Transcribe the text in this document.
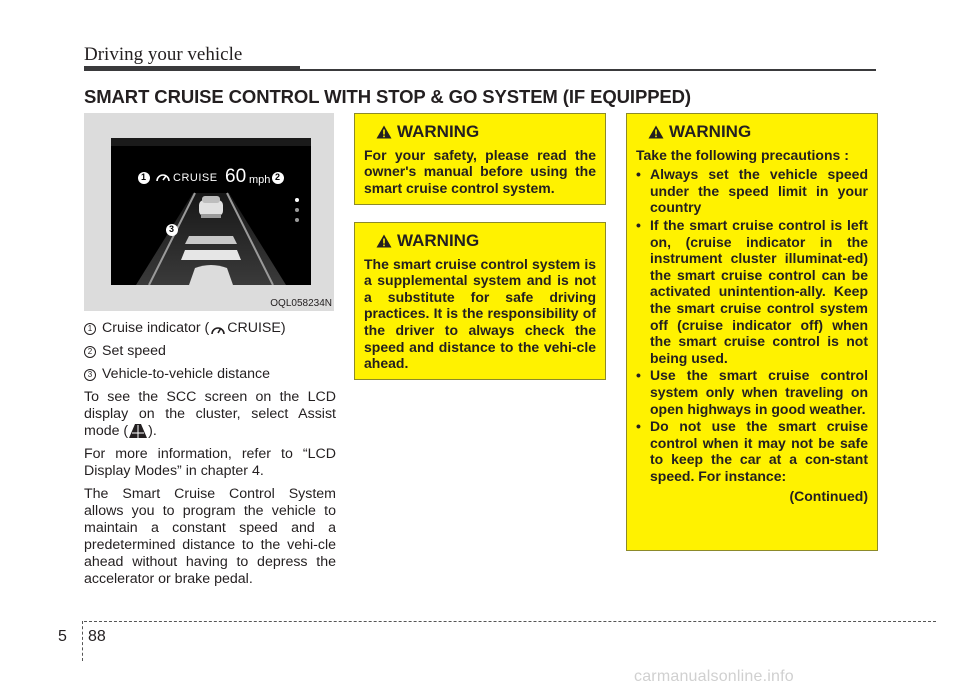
Driving your vehicle
SMART CRUISE CONTROL WITH STOP & GO SYSTEM (IF EQUIPPED)
1 CRUISE 60 mph 2
3
OQL058234N
1 Cruise indicator ( CRUISE)
2 Set speed
3 Vehicle-to-vehicle distance

To see the SCC screen on the LCD display on the cluster, select Assist mode ( ).

For more information, refer to “LCD Display Modes” in chapter 4.

The Smart Cruise Control System allows you to program the vehicle to maintain a constant speed and a predetermined distance to the vehi-cle ahead without having to depress the accelerator or brake pedal.

WARNING
For your safety, please read the owner's manual before using the smart cruise control system.
WARNING
The smart cruise control system is a supplemental system and is not a substitute for safe driving practices. It is the responsibility of the driver to always check the speed and distance to the vehi-cle ahead.
WARNING
Take the following precautions :
• Always set the vehicle speed under the speed limit in your country
• If the smart cruise control is left on, (cruise indicator in the instrument cluster illuminat-ed) the smart cruise control can be activated unintention-ally. Keep the smart cruise control system off (cruise indicator off) when the smart cruise control is not being used.
• Use the smart cruise control system only when traveling on open highways in good weather.
• Do not use the smart cruise control when it may not be safe to keep the car at a con-stant speed. For instance:
(Continued)
5 88
carmanualsonline.info
